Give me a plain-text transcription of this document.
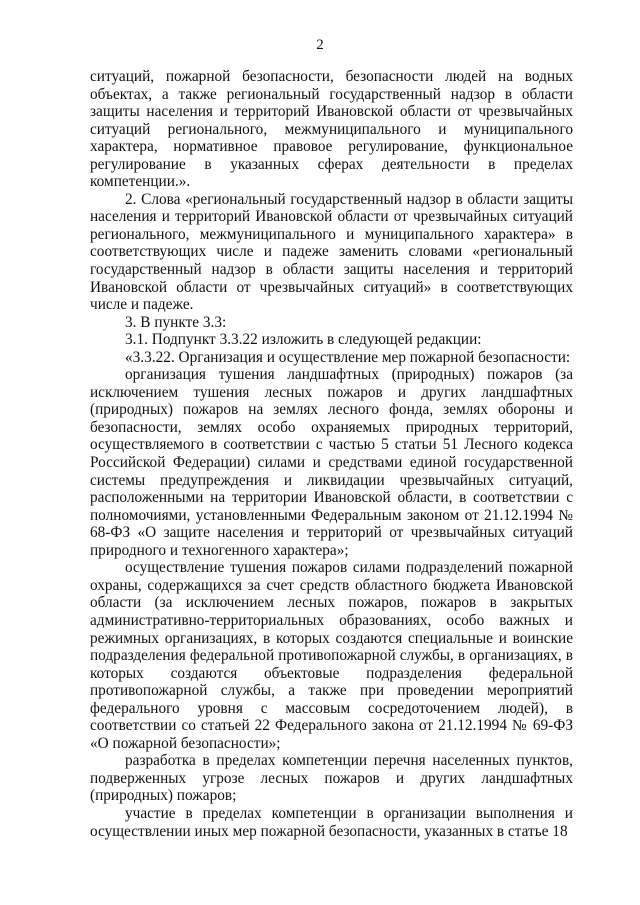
2

ситуаций, пожарной безопасности, безопасности людей на водных объектах, а также региональный государственный надзор в области защиты населения и территорий Ивановской области от чрезвычайных ситуаций регионального, межмуниципального и муниципального характера, нормативное правовое регулирование, функциональное регулирование в указанных сферах деятельности в пределах компетенции.».

2. Слова «региональный государственный надзор в области защиты населения и территорий Ивановской области от чрезвычайных ситуаций регионального, межмуниципального и муниципального характера» в соответствующих числе и падеже заменить словами «региональный государственный надзор в области защиты населения и территорий Ивановской области от чрезвычайных ситуаций» в соответствующих числе и падеже.

3. В пункте 3.3:

3.1. Подпункт 3.3.22 изложить в следующей редакции:

«3.3.22. Организация и осуществление мер пожарной безопасности:

организация тушения ландшафтных (природных) пожаров (за исключением тушения лесных пожаров и других ландшафтных (природных) пожаров на землях лесного фонда, землях обороны и безопасности, землях особо охраняемых природных территорий, осуществляемого в соответствии с частью 5 статьи 51 Лесного кодекса Российской Федерации) силами и средствами единой государственной системы предупреждения и ликвидации чрезвычайных ситуаций, расположенными на территории Ивановской области, в соответствии с полномочиями, установленными Федеральным законом от 21.12.1994 № 68-ФЗ «О защите населения и территорий от чрезвычайных ситуаций природного и техногенного характера»;

осуществление тушения пожаров силами подразделений пожарной охраны, содержащихся за счет средств областного бюджета Ивановской области (за исключением лесных пожаров, пожаров в закрытых административно-территориальных образованиях, особо важных и режимных организациях, в которых создаются специальные и воинские подразделения федеральной противопожарной службы, в организациях, в которых создаются объектовые подразделения федеральной противопожарной службы, а также при проведении мероприятий федерального уровня с массовым сосредоточением людей), в соответствии со статьей 22 Федерального закона от 21.12.1994 № 69-ФЗ «О пожарной безопасности»;

разработка в пределах компетенции перечня населенных пунктов, подверженных угрозе лесных пожаров и других ландшафтных (природных) пожаров;

участие в пределах компетенции в организации выполнения и осуществлении иных мер пожарной безопасности, указанных в статье 18
